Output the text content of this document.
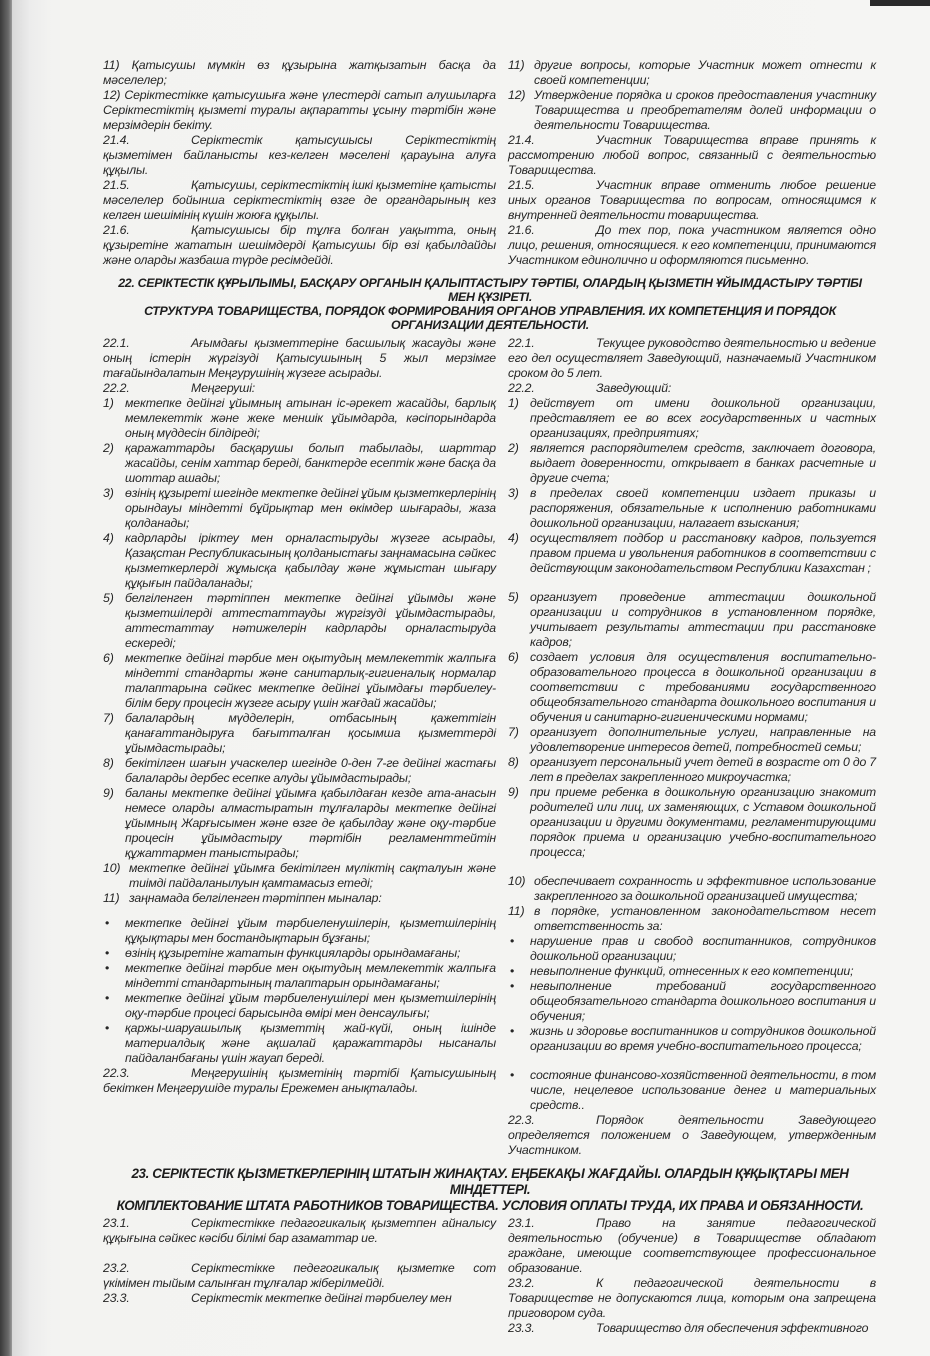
11) Қатысушы мүмкін өз құзырына жатқызатын басқа да мәселелер;

12) Серіктестікке қатысушыға және үлестерді сатып алушыларға Серіктестіктің қызметі туралы ақпаратты ұсыну тәртібін және мерзімдерін бекіту.

21.4.	Серіктестік қатысушысы Серіктестіктің қызметімен байланысты кез-келген мәселені қарауына алуға құқылы.

21.5.	Қатысушы, серіктестіктің ішкі қызметіне қатысты мәселелер бойынша серіктестіктің өзге де органдарының кез келген шешімінің күшін жоюға құқылы.

21.6.	Қатысушысы бір тұлға болған уақытта, оның құзыретіне жататын шешімдерді Қатысушы бір өзі қабылдайды және оларды жазбаша түрде ресімдейді.

11) другие вопросы, которые Участник может отнести к своей компетенции;

12) Утверждение порядка и сроков предоставления участнику Товарищества и преобретателям долей информации о деятельности Товарищества.

21.4.	Участник Товарищества вправе принять к рассмотрению любой вопрос, связанный с деятельностью Товарищества.

21.5.	Участник вправе отменить любое решение иных органов Товарищества по вопросам, относящимся к внутренней деятельности товарищества.

21.6.	До тех пор, пока участником является одно лицо, решения, относящиеся. к его компетенции, принимаются Участником единолично и оформляются письменно.

22. СЕРІКТЕСТІК ҚҰРЫЛЫМЫ, БАСҚАРУ ОРГАНЫН ҚАЛЫПТАСТЫРУ ТӘРТІБІ, ОЛАРДЫҢ ҚЫЗМЕТІН ҰЙЫМДАСТЫРУ ТӘРТІБІ
МЕН ҚҰЗІРЕТІ.
СТРУКТУРА ТОВАРИЩЕСТВА, ПОРЯДОК ФОРМИРОВАНИЯ ОРГАНОВ УПРАВЛЕНИЯ. ИХ КОМПЕТЕНЦИЯ И ПОРЯДОК
ОРГАНИЗАЦИИ ДЕЯТЕЛЬНОСТИ.

22.1.	Ағымдағы қызметтеріне басшылық жасауды және оның істерін жүргізуді Қатысушының 5 жыл мерзімге тағайындалатын Меңгурушінің жүзеге асырады.

22.2.	Меңгеруші:

1) мектепке дейінгі ұйымның атынан іс-әрекет жасайды, барлық мемлекеттік және жеке меншік ұйымдарда, кәсіпорындарда оның мүддесін білдіреді;

2) қаражаттарды басқарушы болып табылады, шарттар жасайды, сенім хаттар береді, банктерде есептік және басқа да шоттар ашады;

3) өзінің құзыреті шегінде мектепке дейінгі ұйым қызметкерлерінің орындауы міндетті бұйрықтар мен өкімдер шығарады, жаза қолданады;

4) кадрларды іріктеу мен орналастыруды жүзеге асырады, Қазақстан Республикасының қолданыстағы заңнамасына сәйкес қызметкерлерді жұмысқа қабылдау және жұмыстан шығару құқығын пайдаланады;

5) белгіленген тәртіппен мектепке дейінгі ұйымды және қызметшілерді аттестаттауды жүргізуді ұйымдастырады, аттестаттау нәтижелерін кадрларды орналастыруда ескереді;

6) мектепке дейінгі тәрбие мен оқытудың мемлекеттік жалпыға міндетті стандарты және санитарлық-гигиеналық нормалар талаптарына сәйкес мектепке дейінгі ұйымдағы тәрбиелеу-білім беру процесін жүзеге асыру үшін жағдай жасайды;

7) балалардың мүдделерін, отбасының қажеттігін қанағаттандыруға бағытталған қосымша қызметтерді ұйымдастырады;

8) бекітілген шағын учаскелер шегінде 0-ден 7-ге дейінгі жастағы балаларды дербес есепке алуды ұйымдастырады;

9) баланы мектепке дейінгі ұйымға қабылдаған кезде ата-анасын немесе оларды алмастыратын тұлғаларды мектепке дейінгі ұйымның Жарғысымен және өзге де қабылдау және оқу-тәрбие процесін ұйымдастыру тәртібін регламенттейтін құжаттармен таныстырады;

10) мектепке дейінгі ұйымға бекітілген мүліктің сақталуын және тиімді пайдаланылуын қамтамасыз етеді;

11) заңнамада белгіленген тәртіппен мыналар:

• мектепке дейінгі ұйым тәрбиеленушілерін, қызметшілерінің құқықтары мен бостандықтарын бұзғаны;

• өзінің құзыретіне жататын функцияларды орындамағаны;

• мектепке дейінгі тәрбие мен оқытудың мемлекеттік жалпыға міндетті стандартының талаптарын орындамағаны;

• мектепке дейінгі ұйым тәрбиеленушілері мен қызметшілерінің оқу-тәрбие процесі барысында өмірі мен денсаулығы;

• қаржы-шаруашылық қызметтің жай-күйі, оның ішінде материалдық және ақшалай қаражаттарды нысаналы пайдаланбағаны үшін жауап береді.

22.3.	Меңгерушінің қызметінің тәртібі Қатысушының бекіткен Меңгерушіде туралы Ережемен анықталады.

22.1.	Текущее руководство деятельностью и ведение его дел осуществляет Заведующий, назначаемый Участником сроком до 5 лет.

22.2.	Заведующий:

1) действует от имени дошкольной организации, представляет ее во всех государственных и частных организациях, предприятиях;

2) является распорядителем средств, заключает договора, выдает доверенности, открывает в банках расчетные и другие счета;

3) в пределах своей компетенции издает приказы и распоряжения, обязательные к исполнению работниками дошкольной организации, налагает взыскания;

4) осуществляет подбор и расстановку кадров, пользуется правом приема и увольнения работников в соответствии с действующим законодательством Республики Казахстан ;

5) организует проведение аттестации дошкольной организации и сотрудников в установленном порядке, учитывает результаты аттестации при расстановке кадров;

6) создает условия для осуществления воспитательно-образовательного процесса в дошкольной организации в соответствии с требованиями государственного общеобязательного стандарта дошкольного воспитания и обучения и санитарно-гигиеническими нормами;

7) организует дополнительные услуги, направленные на удовлетворение интересов детей, потребностей семьи;

8) организует персональный учет детей в возрасте от 0 до 7 лет в пределах закрепленного микроучастка;

9) при приеме ребенка в дошкольную организацию знакомит родителей или лиц, их заменяющих, с Уставом дошкольной организации и другими документами, регламентирующими порядок приема и организацию учебно-воспитательного процесса;

10) обеспечивает сохранность и эффективное использование закрепленного за дошкольной организацией имущества;

11) в порядке, установленном законодательством несет ответственность за:

• нарушение прав и свобод воспитанников, сотрудников дошкольной организации;

• невыполнение функций, отнесенных к его компетенции;

• невыполнение требований государственного общеобязательного стандарта дошкольного воспитания и обучения;

• жизнь и здоровье воспитанников и сотрудников дошкольной организации во время учебно-воспитательного процесса;

• состояние финансово-хозяйственной деятельности, в том числе, нецелевое использование денег и материальных средств..

22.3.	Порядок деятельности Заведующего определяется положением о Заведующем, утвержденным Участником.

23. СЕРІКТЕСТІК ҚЫЗМЕТКЕРЛЕРІНІҢ ШТАТЫН ЖИНАҚТАУ. ЕҢБЕКАҚЫ ЖАҒДАЙЫ. ОЛАРДЫН ҚҰҚЫҚТАРЫ МЕН МІНДЕТТЕРІ.
КОМПЛЕКТОВАНИЕ ШТАТА РАБОТНИКОВ ТОВАРИЩЕСТВА. УСЛОВИЯ ОПЛАТЫ ТРУДА, ИХ ПРАВА И ОБЯЗАННОСТИ.

23.1.	Серіктестікке педагогикалық қызметпен айналысу құқығына сәйкес кәсіби білімі бар азаматтар ие.

23.2.	Серіктестікке педегогикалық қызметке сот үкімімен тыйым салынған тұлғалар жіберілмейді.

23.3.	Серіктестік мектепке дейінгі тәрбиелеу мен

23.1.	Право на занятие педагогической деятельностью (обучение) в Товариществе обладают граждане, имеющие соответствующее профессиональное образование.

23.2.	К педагогической деятельности в Товариществе не допускаются лица, которым она запрещена приговором суда.

23.3.	Товарищество для обеспечения эффективного
